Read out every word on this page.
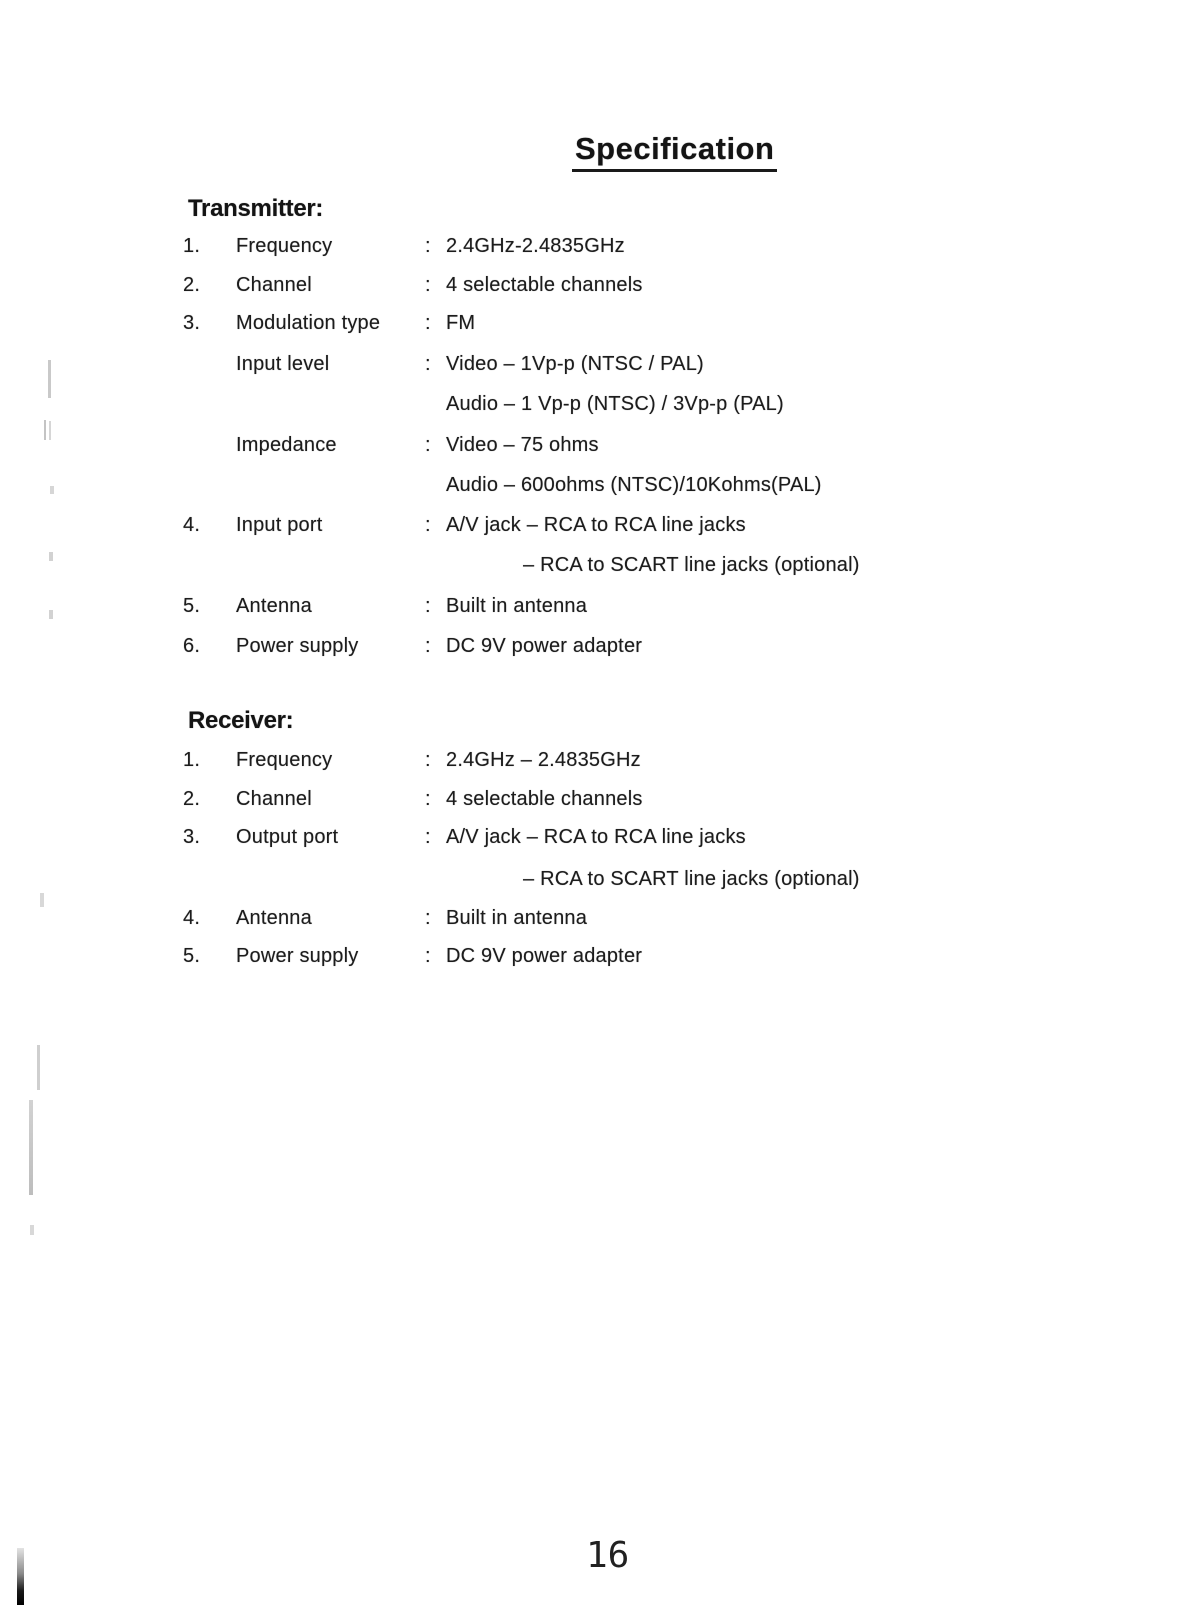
Specification
Transmitter:
1. Frequency	: 2.4GHz-2.4835GHz
2. Channel	: 4 selectable channels
3. Modulation type : FM
Input level	: Video – 1Vp-p (NTSC / PAL)
Audio – 1 Vp-p (NTSC) / 3Vp-p (PAL)
Impedance	: Video – 75 ohms
Audio – 600ohms (NTSC)/10Kohms(PAL)
4. Input port	: A/V jack – RCA to RCA line jacks
– RCA to SCART line jacks (optional)
5. Antenna	: Built in antenna
6. Power supply	: DC 9V power adapter
Receiver:
1. Frequency	: 2.4GHz – 2.4835GHz
2. Channel	: 4 selectable channels
3. Output port	: A/V jack – RCA to RCA line jacks
– RCA to SCART line jacks (optional)
4. Antenna	: Built in antenna
5. Power supply	: DC 9V power adapter
16
